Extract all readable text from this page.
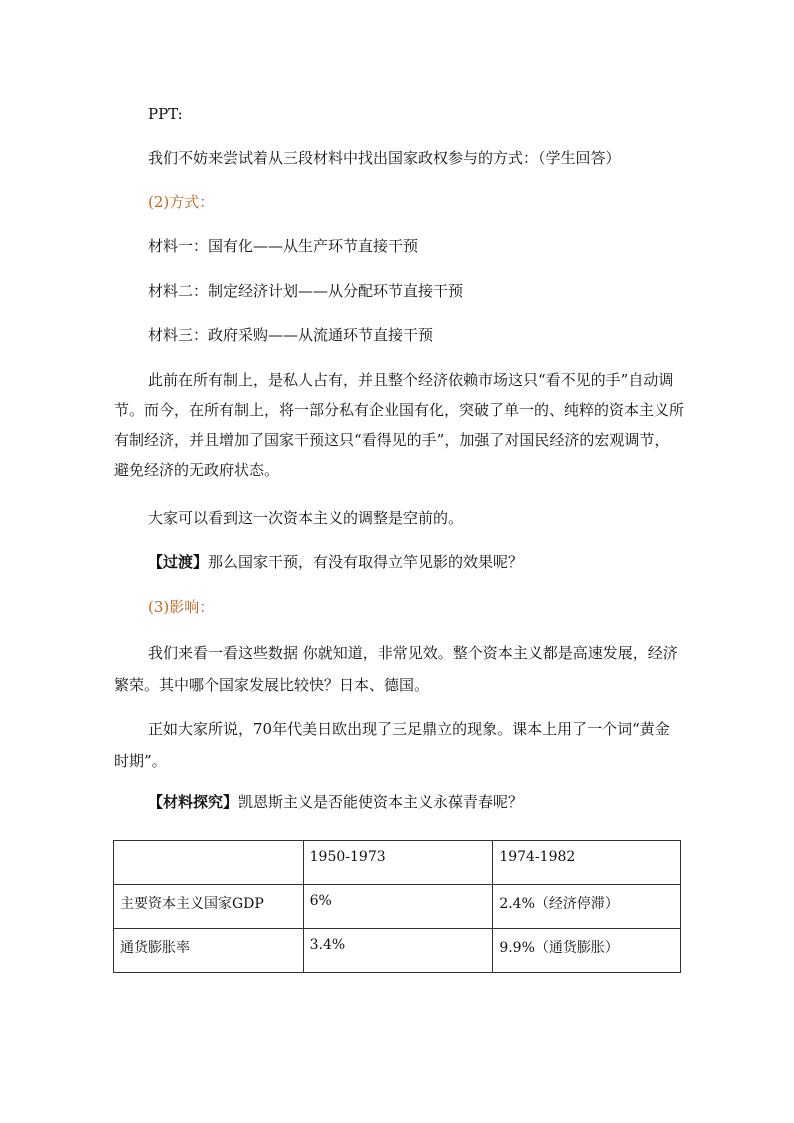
PPT:

我们不妨来尝试着从三段材料中找出国家政权参与的方式：（学生回答）

(2)方式：

材料一：国有化——从生产环节直接干预

材料二：制定经济计划——从分配环节直接干预

材料三：政府采购——从流通环节直接干预

此前在所有制上，是私人占有，并且整个经济依赖市场这只“看不见的手”自动调节。而今，在所有制上，将一部分私有企业国有化，突破了单一的、纯粹的资本主义所有制经济，并且增加了国家干预这只“看得见的手”，加强了对国民经济的宏观调节，避免经济的无政府状态。

大家可以看到这一次资本主义的调整是空前的。

【过渡】那么国家干预，有没有取得立竿见影的效果呢？

(3)影响：

我们来看一看这些数据 你就知道，非常见效。整个资本主义都是高速发展，经济繁荣。其中哪个国家发展比较快？日本、德国。

正如大家所说，70年代美日欧出现了三足鼎立的现象。课本上用了一个词“黄金时期”。

【材料探究】凯恩斯主义是否能使资本主义永葆青春呢？

	1950-1973	1974-1982
主要资本主义国家GDP	6%	2.4%（经济停滞）
通货膨胀率	3.4%	9.9%（通货膨胀）
